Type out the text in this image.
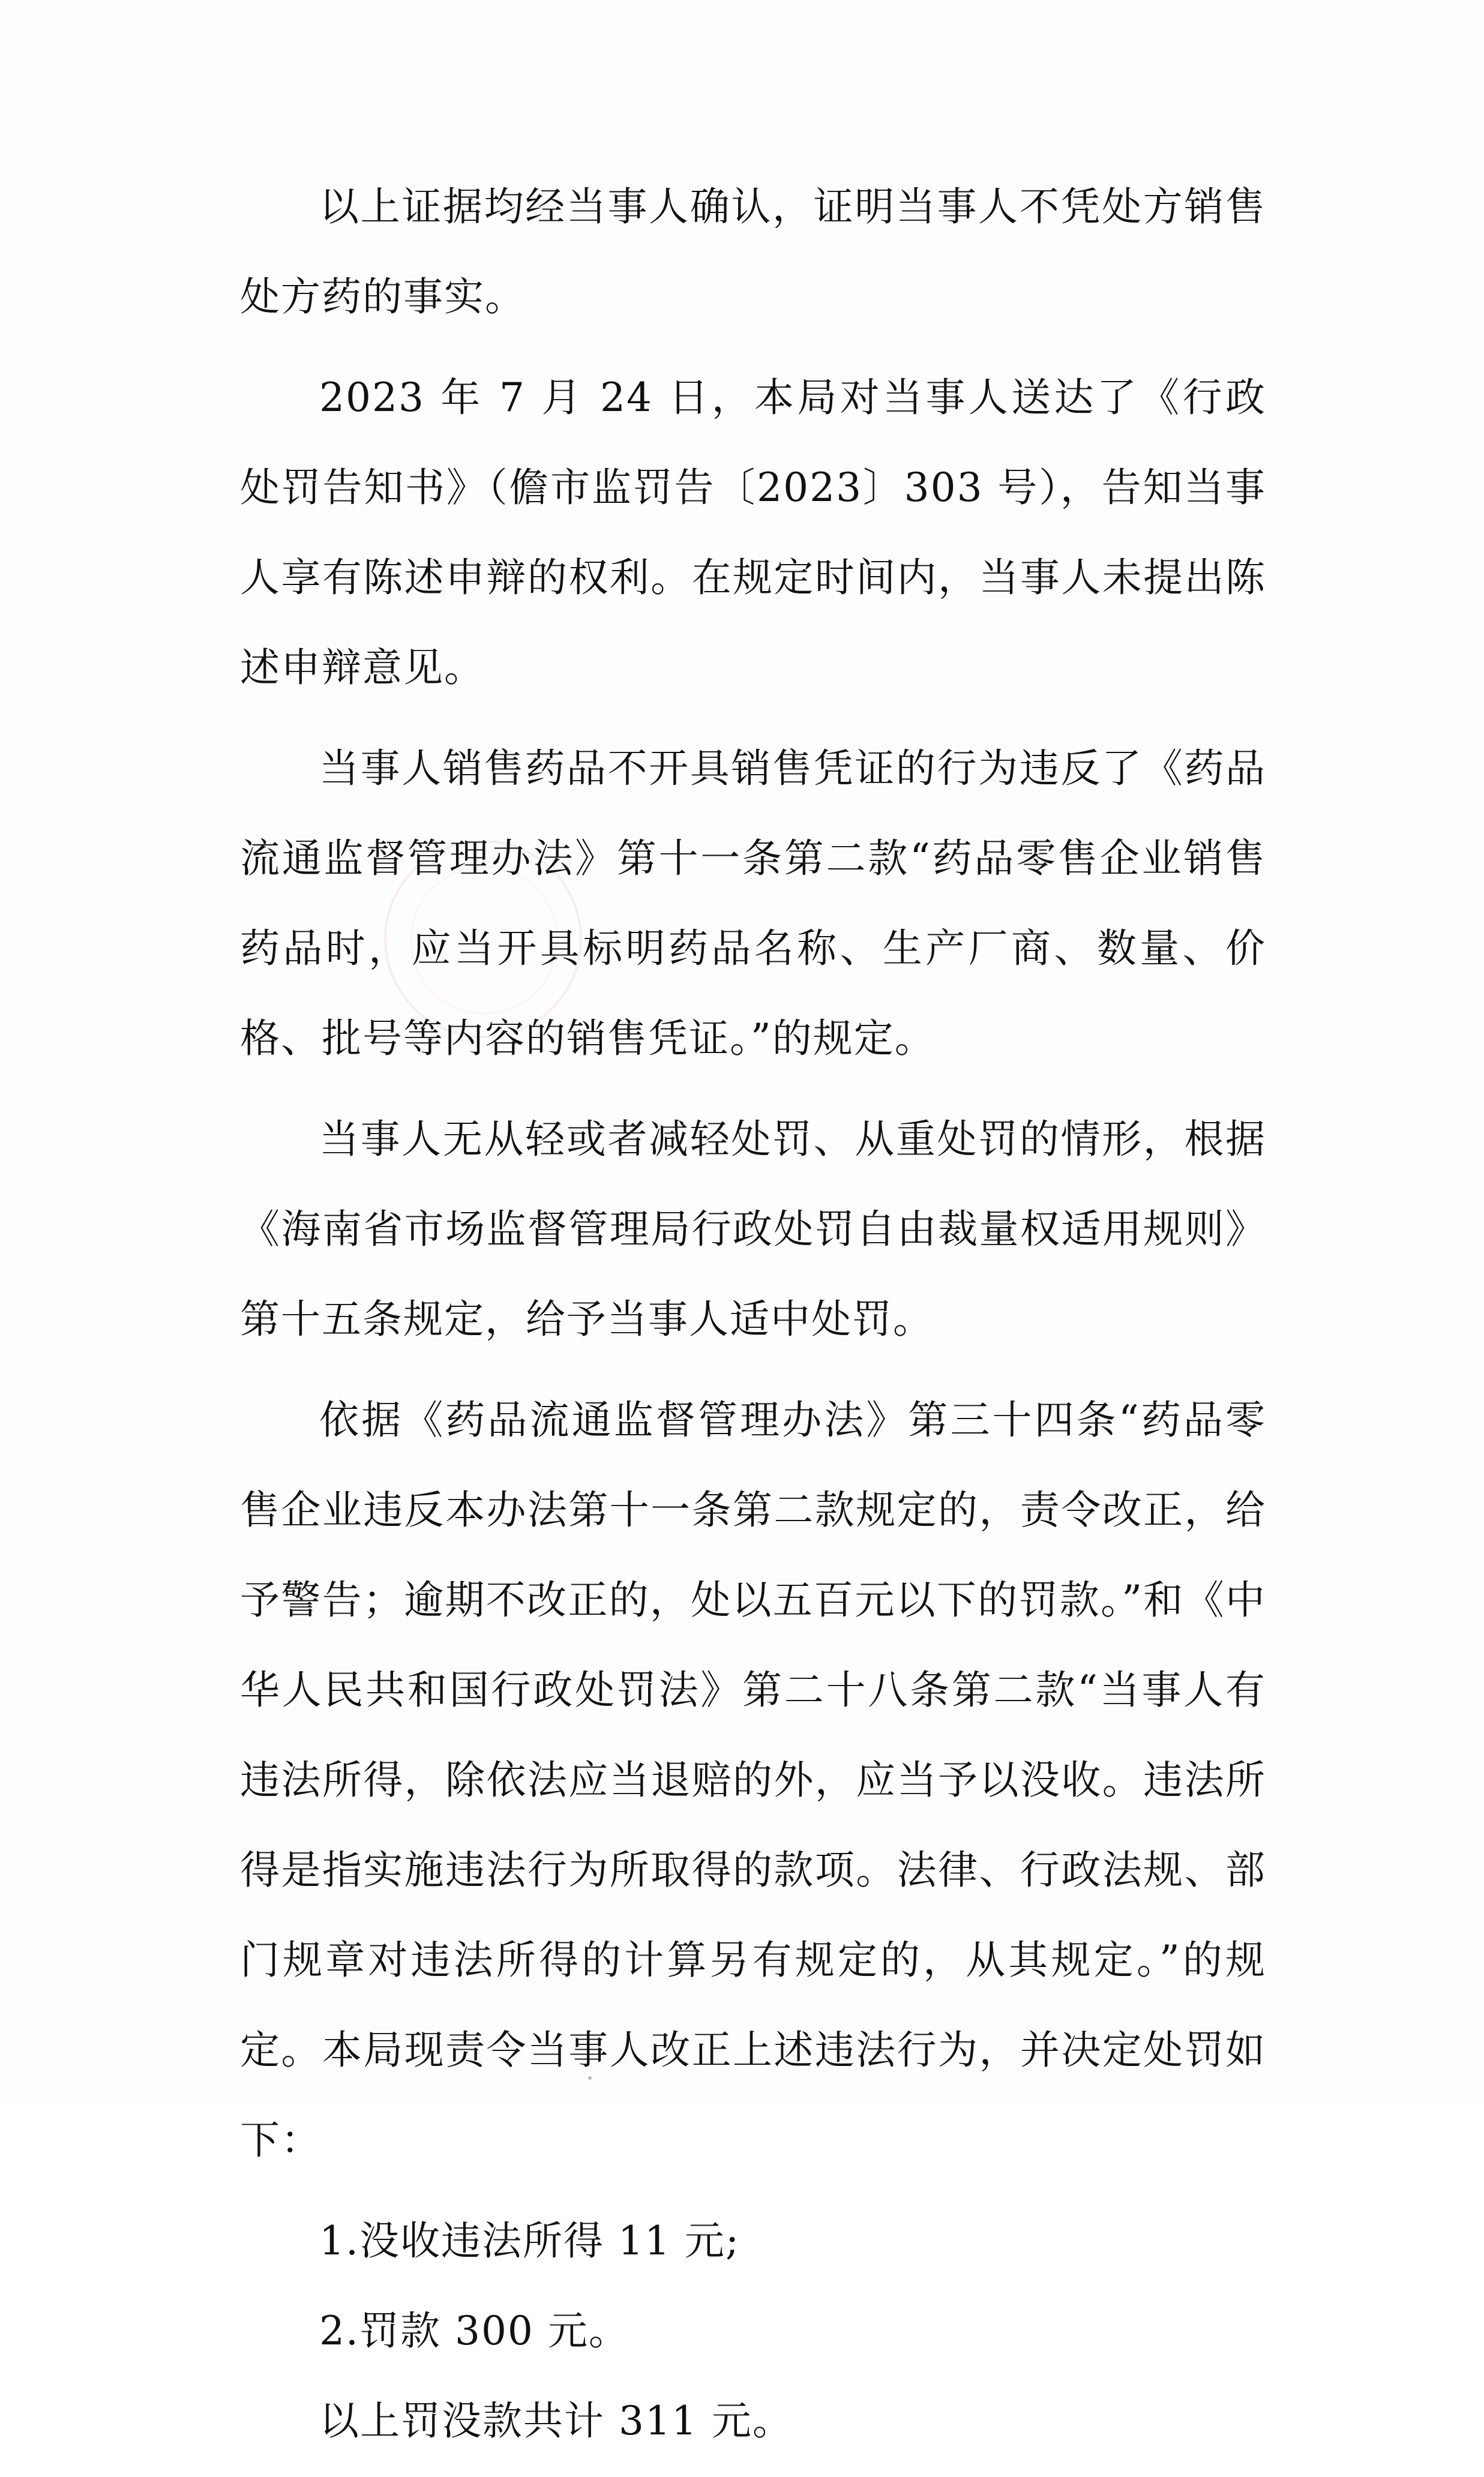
以上证据均经当事人确认，证明当事人不凭处方销售处方药的事实。

2023 年 7 月 24 日，本局对当事人送达了《行政处罚告知书》（儋市监罚告〔2023〕303 号），告知当事人享有陈述申辩的权利。在规定时间内，当事人未提出陈述申辩意见。

当事人销售药品不开具销售凭证的行为违反了《药品流通监督管理办法》第十一条第二款“药品零售企业销售药品时，应当开具标明药品名称、生产厂商、数量、价格、批号等内容的销售凭证。”的规定。

当事人无从轻或者减轻处罚、从重处罚的情形，根据《海南省市场监督管理局行政处罚自由裁量权适用规则》第十五条规定，给予当事人适中处罚。

依据《药品流通监督管理办法》第三十四条“药品零售企业违反本办法第十一条第二款规定的，责令改正，给予警告；逾期不改正的，处以五百元以下的罚款。”和《中华人民共和国行政处罚法》第二十八条第二款“当事人有违法所得，除依法应当退赔的外，应当予以没收。违法所得是指实施违法行为所取得的款项。法律、行政法规、部门规章对违法所得的计算另有规定的，从其规定。”的规定。本局现责令当事人改正上述违法行为，并决定处罚如下：

1.没收违法所得 11 元;

2.罚款 300 元。

以上罚没款共计 311 元。
